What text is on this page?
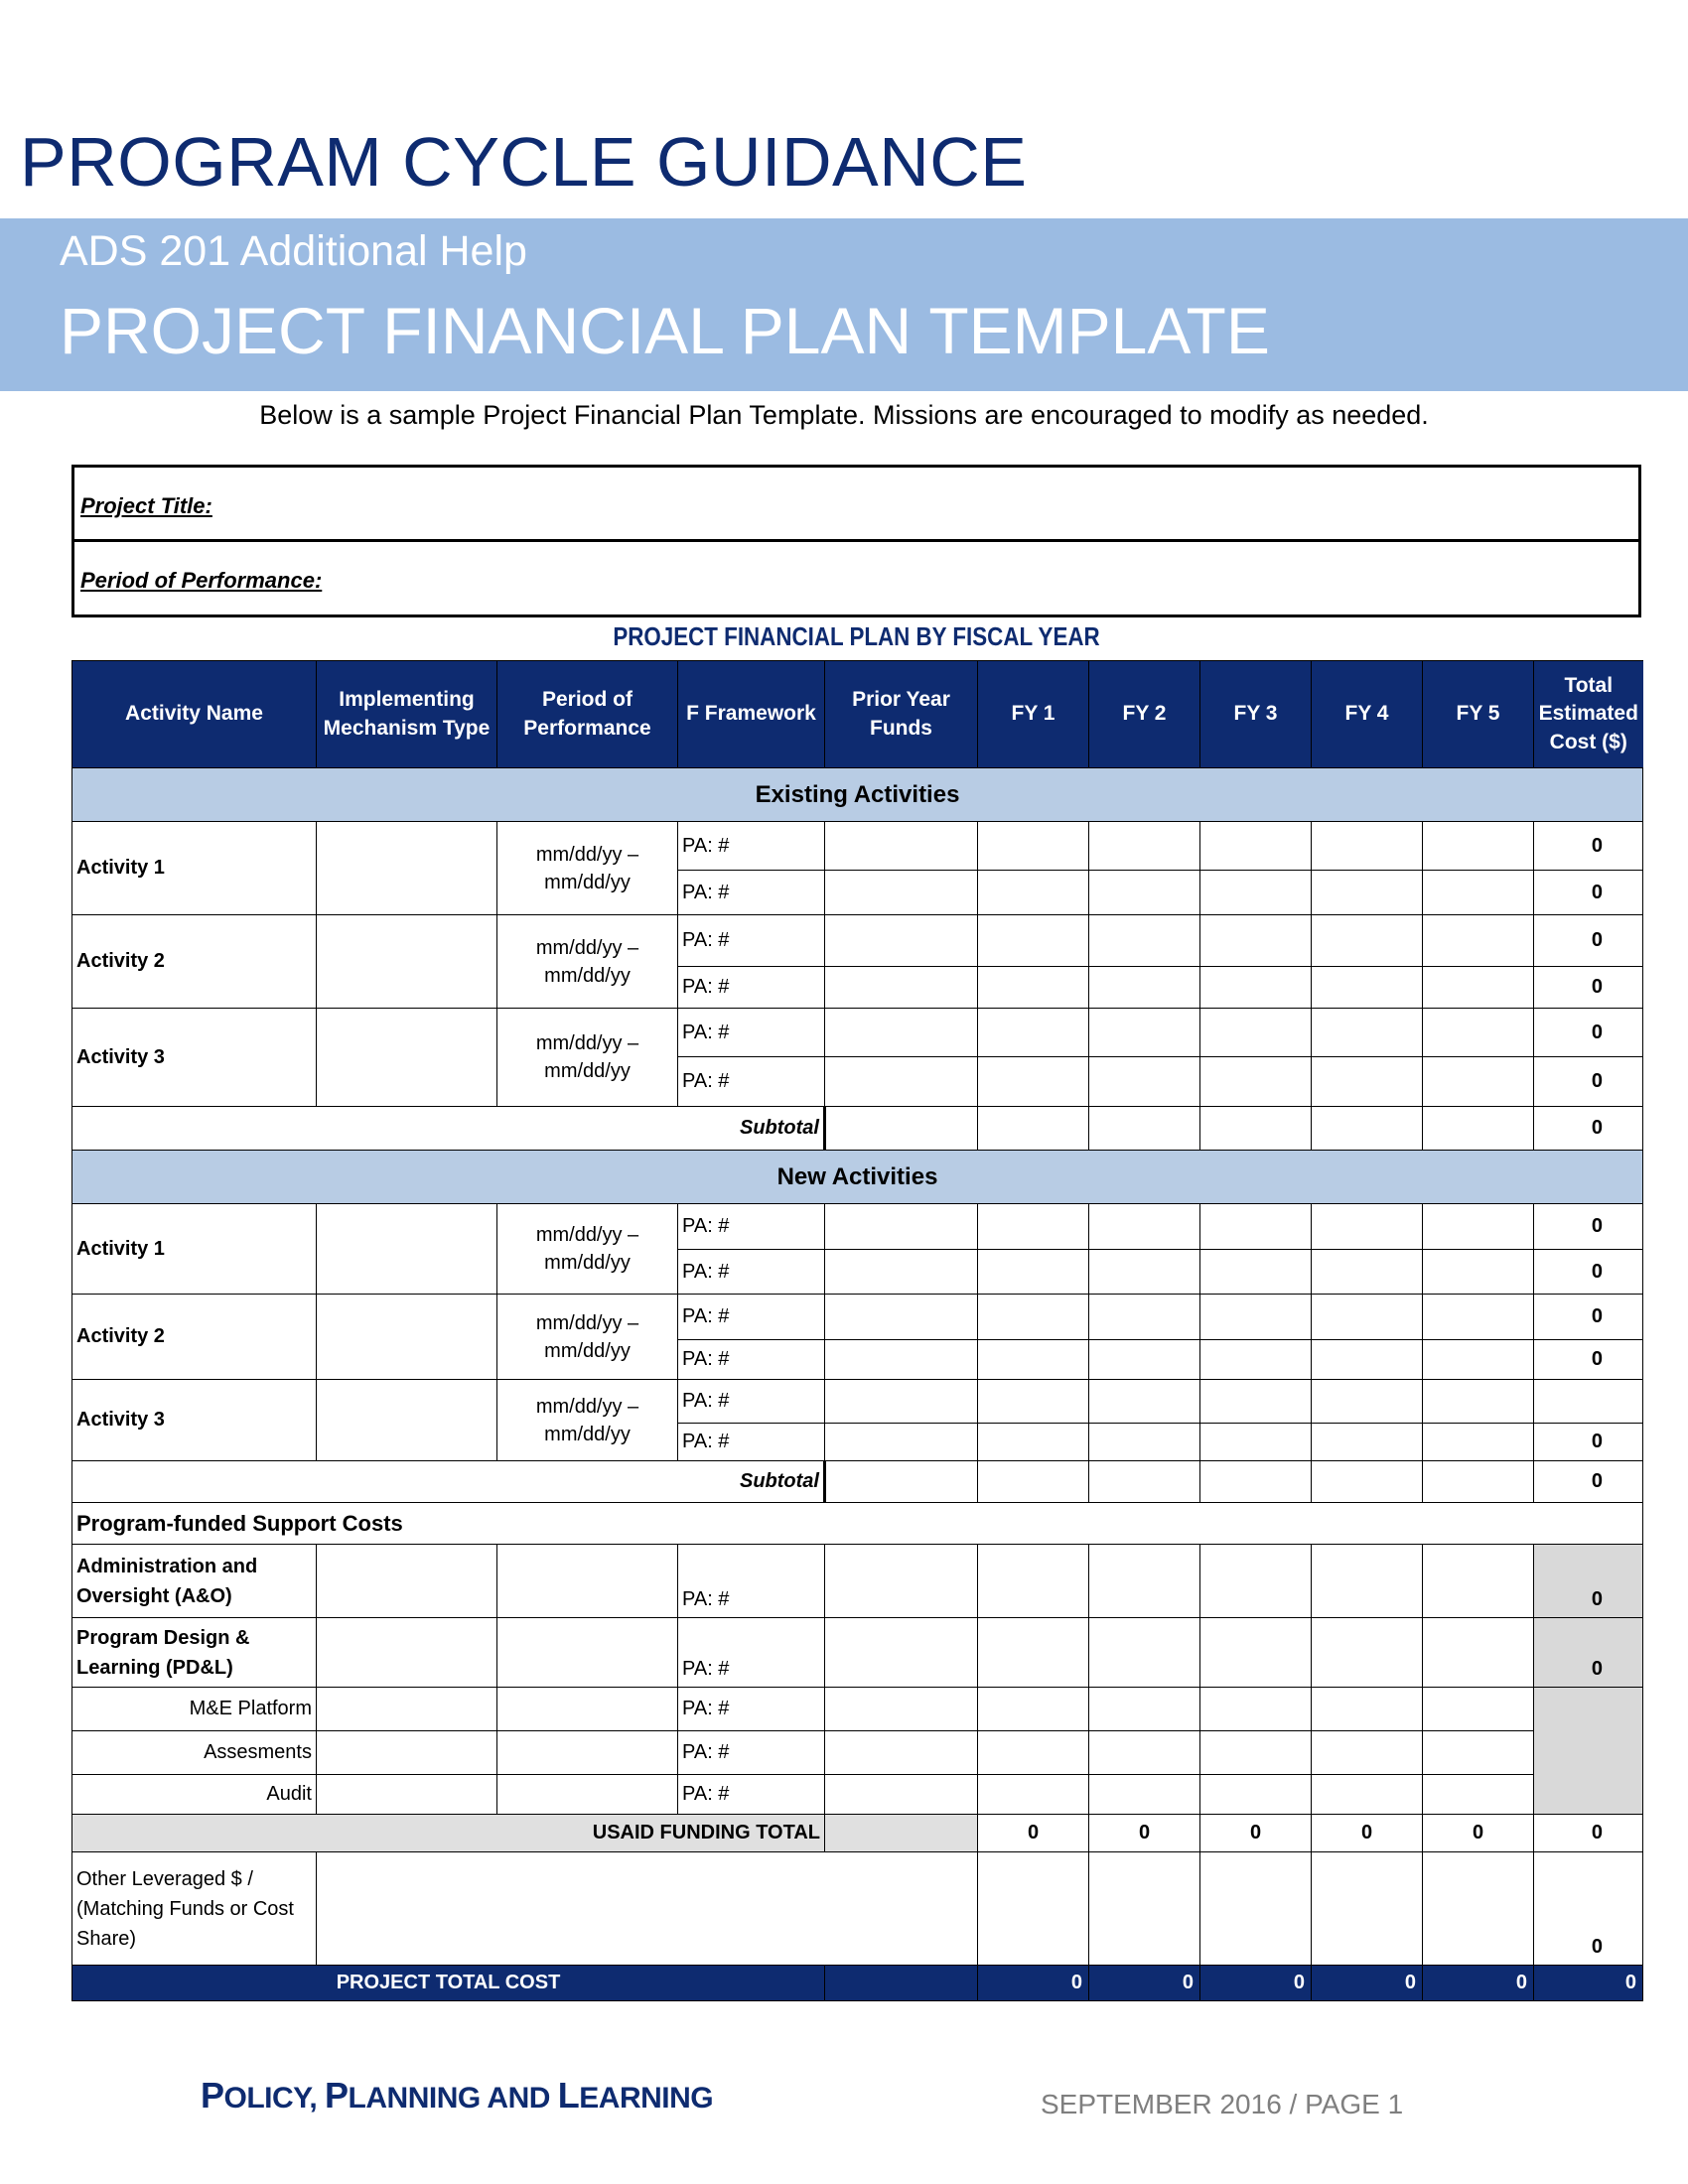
PROGRAM CYCLE GUIDANCE
ADS 201 Additional Help
PROJECT FINANCIAL PLAN TEMPLATE
Below is a sample Project Financial Plan Template. Missions are encouraged to modify as needed.
Project Title:
Period of Performance:
PROJECT FINANCIAL PLAN BY FISCAL YEAR
Activity Name	Implementing Mechanism Type	Period of Performance	F Framework	Prior Year Funds	FY 1	FY 2	FY 3	FY 4	FY 5	Total Estimated Cost ($)
Existing Activities										
Activity 1		mm/dd/yy – mm/dd/yy	PA: #							0
			PA: #							0
Activity 2		mm/dd/yy – mm/dd/yy	PA: #							0
			PA: #							0
Activity 3		mm/dd/yy – mm/dd/yy	PA: #							0
			PA: #							0
Subtotal										0
New Activities										
Activity 1		mm/dd/yy – mm/dd/yy	PA: #							0
			PA: #							0
Activity 2		mm/dd/yy – mm/dd/yy	PA: #							0
			PA: #							0
Activity 3		mm/dd/yy – mm/dd/yy	PA: #							
			PA: #							0
Subtotal										0
Program-funded Support Costs										
Administration and Oversight (A&O)			PA: #							0
Program Design & Learning (PD&L)			PA: #							0
M&E Platform			PA: #							
Assesments			PA: #							
Audit			PA: #							
USAID FUNDING TOTAL					0	0	0	0	0	0
Other Leveraged $ / (Matching Funds or Cost Share)										0
PROJECT TOTAL COST					0	0	0	0	0	0
POLICY, PLANNING AND LEARNING	SEPTEMBER 2016 / PAGE 1
